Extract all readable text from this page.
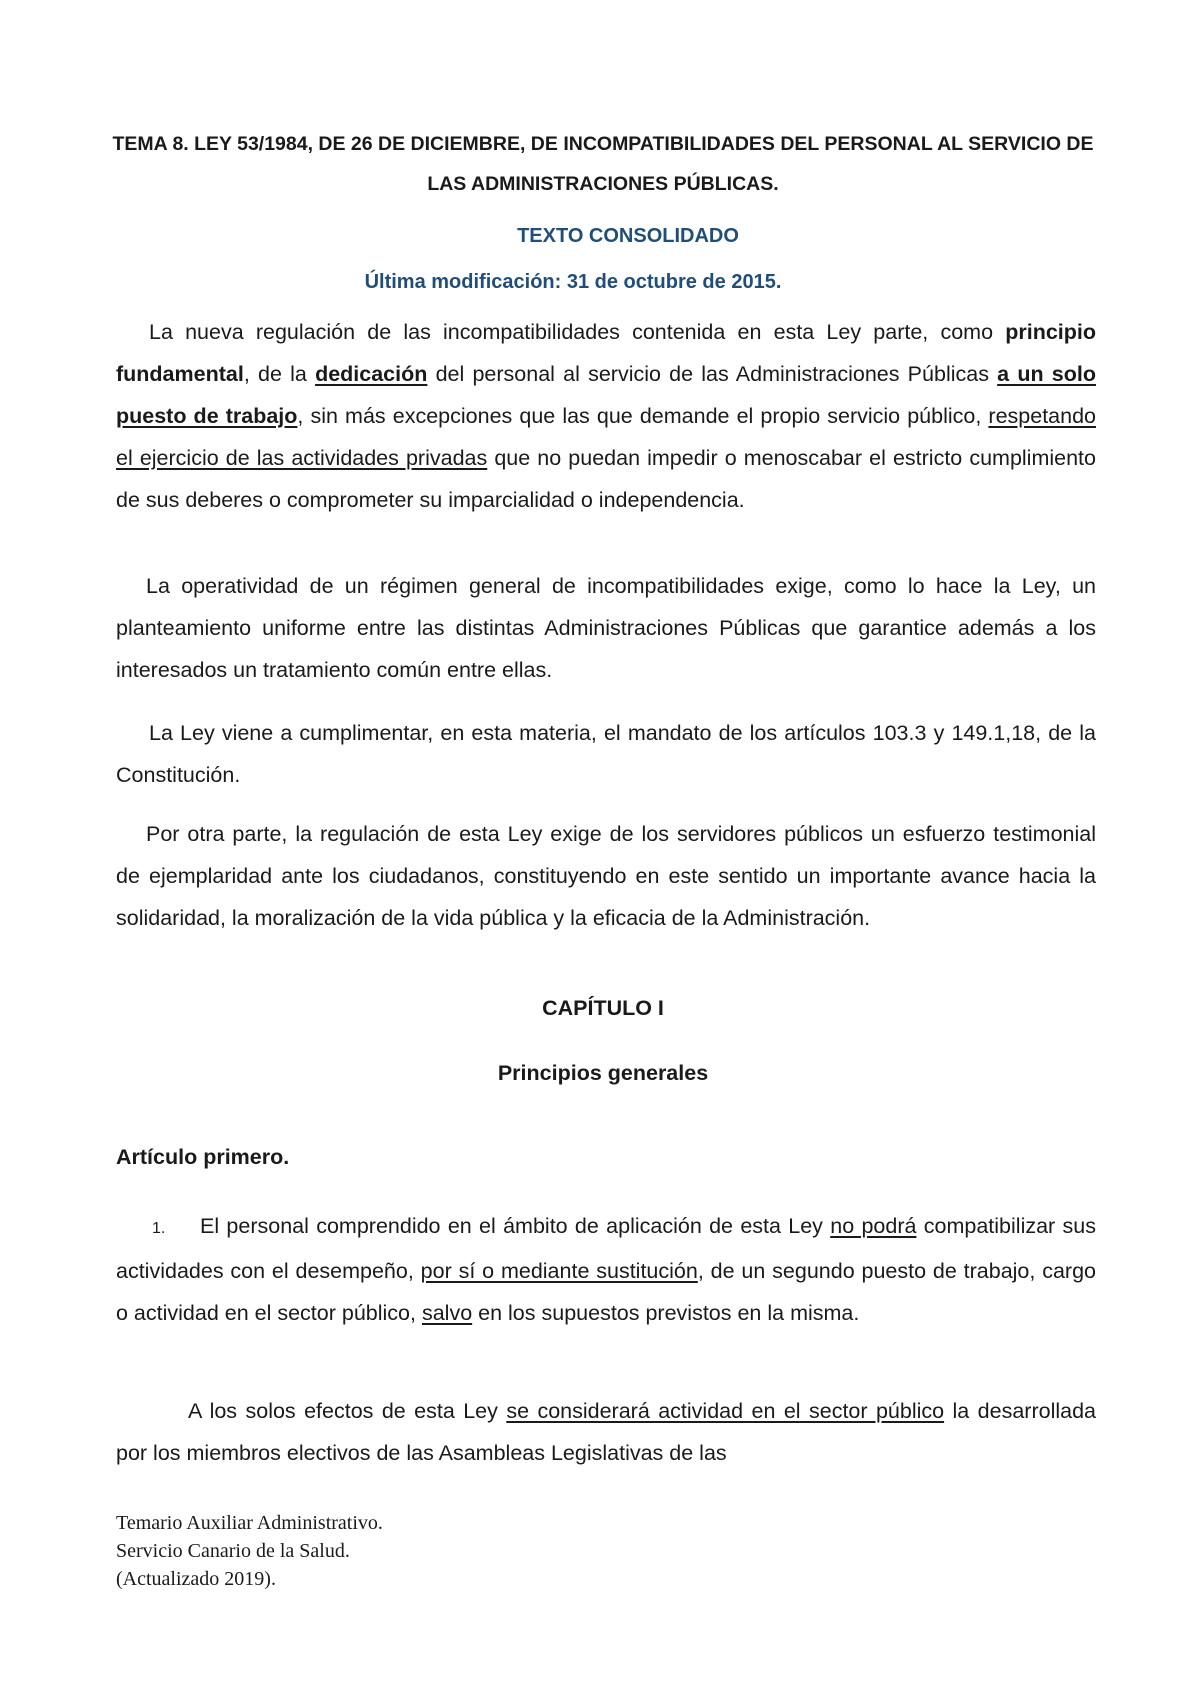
TEMA 8. LEY 53/1984, DE 26 DE DICIEMBRE, DE INCOMPATIBILIDADES DEL PERSONAL AL SERVICIO DE LAS ADMINISTRACIONES PÚBLICAS.

TEXTO CONSOLIDADO

Última modificación: 31 de octubre de 2015.

La nueva regulación de las incompatibilidades contenida en esta Ley parte, como principio fundamental, de la dedicación del personal al servicio de las Administraciones Públicas a un solo puesto de trabajo, sin más excepciones que las que demande el propio servicio público, respetando el ejercicio de las actividades privadas que no puedan impedir o menoscabar el estricto cumplimiento de sus deberes o comprometer su imparcialidad o independencia.

La operatividad de un régimen general de incompatibilidades exige, como lo hace la Ley, un planteamiento uniforme entre las distintas Administraciones Públicas que garantice además a los interesados un tratamiento común entre ellas.

La Ley viene a cumplimentar, en esta materia, el mandato de los artículos 103.3 y 149.1,18, de la Constitución.

Por otra parte, la regulación de esta Ley exige de los servidores públicos un esfuerzo testimonial de ejemplaridad ante los ciudadanos, constituyendo en este sentido un importante avance hacia la solidaridad, la moralización de la vida pública y la eficacia de la Administración.

CAPÍTULO I

Principios generales

Artículo primero.

1. El personal comprendido en el ámbito de aplicación de esta Ley no podrá compatibilizar sus actividades con el desempeño, por sí o mediante sustitución, de un segundo puesto de trabajo, cargo o actividad en el sector público, salvo en los supuestos previstos en la misma.

A los solos efectos de esta Ley se considerará actividad en el sector público la desarrollada por los miembros electivos de las Asambleas Legislativas de las

Temario Auxiliar Administrativo.
Servicio Canario de la Salud.
(Actualizado 2019).
